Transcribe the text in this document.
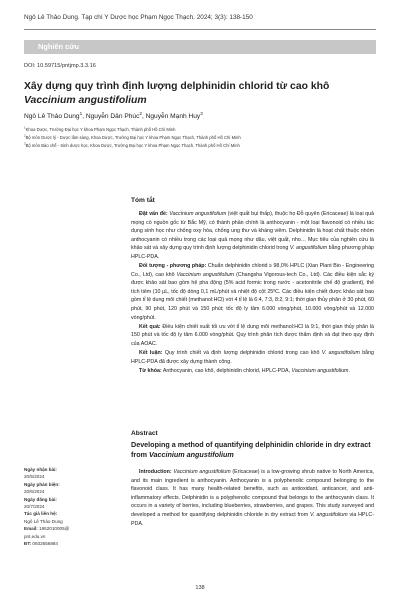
Ngô Lê Thảo Dung. Tạp chí Y Dược học Phạm Ngọc Thạch. 2024; 3(3): 138-150
Nghiên cứu
DOI: 10.59715/pntjmp.3.3.16
Xây dựng quy trình định lượng delphinidin chlorid từ cao khô Vaccinium angustifolium
Ngô Lê Thảo Dung$^1$, Nguyễn Dân Phúc$^2$, Nguyễn Mạnh Huy$^3$
$^1$Khoa Dược, Trường Đại học Y khoa Phạm Ngọc Thạch, Thành phố Hồ Chí Minh
$^2$Bộ môn Dược lý - Dược lâm sàng, Khoa Dược, Trường Đại học Y khoa Phạm Ngọc Thạch, Thành phố Hồ Chí Minh
$^3$Bộ môn Bào chế - Sinh dược học, Khoa Dược, Trường Đại học Y khoa Phạm Ngọc Thạch, Thành phố Hồ Chí Minh
Tóm tắt

Đặt vấn đề: Vaccinium angustifolium (việt quất bụi thấp), thuộc họ Đỗ quyên (Ericaceae) là loại quả mọng có nguồn gốc từ Bắc Mỹ, có thành phần chính là anthocyanin - một loại flavonoid có nhiều tác dụng sinh học như chống oxy hóa, chống ung thư và kháng viêm. Delphinidin là hoạt chất thuộc nhóm anthocyanin có nhiều trong các loại quả mọng như dâu, việt quất, nho… Mục tiêu của nghiên cứu là khảo sát và xây dựng quy trình định lượng delphinidin chlorid trong V. angustifolium bằng phương pháp HPLC-PDA.

Đối tượng - phương pháp: Chuẩn delphinidin chlorid ≥ 98,0% HPLC (Xian Plant Bio - Engineering Co., Ltd), cao khô Vaccinium angustifolium (Changsha Vigorous-tech Co., Ltd). Các điều kiện sắc ký được khảo sát bao gồm hệ pha động (5% acid formic trong nước - acetonitrile chế độ gradient), thể tích tiêm (10 µL, tốc độ dòng 0,1 mL/phút và nhiệt độ cột 25ºC. Các điều kiện chiết được khảo sát bao gồm tỉ lệ dung môi chiết (methanol:HCl) với 4 tỉ lệ là 6:4, 7:3, 8:2, 9:1; thời gian thủy phân ở 30 phút, 60 phút, 90 phút, 120 phút và 150 phút; tốc độ ly tâm 6.000 vòng/phút, 10.000 vòng/phút và 12.000 vòng/phút.

Kết quả: Điều kiện chiết xuất tối ưu với tỉ lệ dung môi methanol:HCl là 9:1, thời gian thủy phân là 150 phút và tốc độ ly tâm 6.000 vòng/phút. Quy trình phân tích được thẩm định và đạt theo quy định của AOAC.

Kết luận: Quy trình chiết và định lượng delphinidin chlorid trong cao khô V. angustifolium bằng HPLC-PDA đã được xây dựng thành công.

Từ khóa: Anthocyanin, cao khô, delphinidin chlorid, HPLC-PDA, Vaccinium angustifolium.

Abstract
Developing a method of quantifying delphinidin chloride in dry extract from Vaccinium angustifolium
Ngày nhận bài:
20/5/2024
Ngày phản biện:
20/6/2024
Ngày đăng bài:
20/7/2024
Tác giả liên hệ:
Ngô Lê Thảo Dung
Email: 1952010005@
pnt.edu.vn
ĐT: 0932656884

Introduction: Vaccinium angustifolium (Ericaceae) is a low-growing shrub native to North America, and its main ingredient is anthocyanin. Anthocyanin is a polyphenolic compound belonging to the flavonoid class. It has many health-related benefits, such as antioxidant, anticancer, and anti-inflammatory effects. Delphinidin is a polyphenolic compound that belongs to the anthocyanin class. It occurs in a variety of berries, including blueberries, strawberries, and grapes. This study surveyed and developed a method for quantifying delphinidin chloride in dry extract from V. angustifolium via HPLC-PDA.

138
